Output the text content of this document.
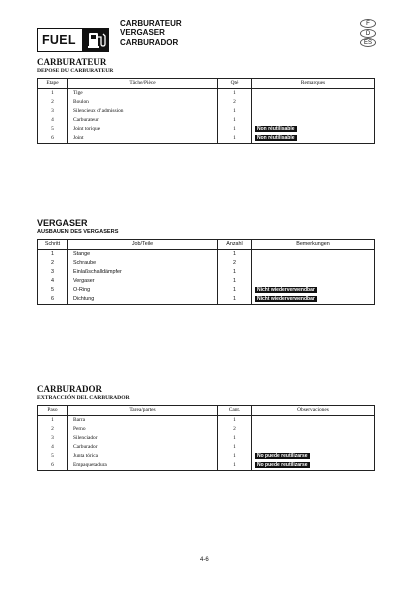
FUEL
CARBURATEUR
VERGASER
CARBURADOR
F
D
ES
CARBURATEUR
DEPOSE DU CARBURATEUR
Etape	Tâche/Pièce	Qté	Remarques
1	Tige	1	
2	Boulon	2	
3	Silencieux d’admission	1	
4	Carburateur	1	
5	Joint torique	1	Non réutilisable
6	Joint	1	Non réutilisable
VERGASER
AUSBAUEN DES VERGASERS
Schritt	Job/Teile	Anzahl	Bemerkungen
1	Stange	1	
2	Schraube	2	
3	Einlaßschalldämpfer	1	
4	Vergaser	1	
5	O-Ring	1	Nicht wiederverwendbar
6	Dichtung	1	Nicht wiederverwendbar
CARBURADOR
EXTRACCIÓN DEL CARBURADOR
Paso	Tarea/partes	Cant.	Observaciones
1	Barra	1	
2	Perno	2	
3	Silenciador	1	
4	Carburador	1	
5	Junta tórica	1	No puede reutilizarse
6	Empaquetadura	1	No puede reutilizarse
4-6
